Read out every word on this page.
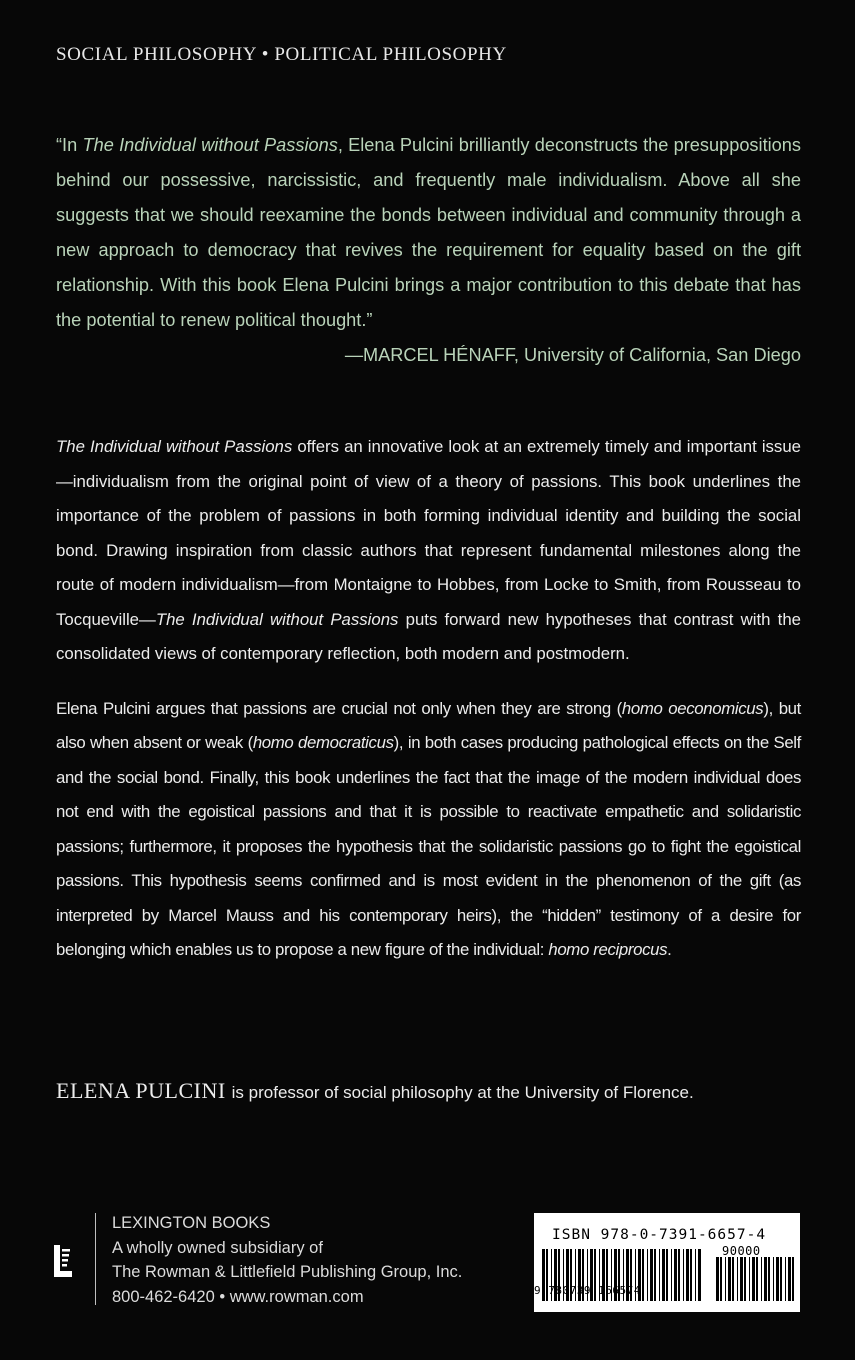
SOCIAL PHILOSOPHY • POLITICAL PHILOSOPHY

“In The Individual without Passions, Elena Pulcini brilliantly deconstructs the presuppositions behind our possessive, narcissistic, and frequently male individualism. Above all she suggests that we should reexamine the bonds between individual and community through a new approach to democracy that revives the requirement for equality based on the gift relationship. With this book Elena Pulcini brings a major contribution to this debate that has the potential to renew political thought.”

—MARCEL HÉNAFF, University of California, San Diego

The Individual without Passions offers an innovative look at an extremely timely and important issue—individualism from the original point of view of a theory of passions. This book underlines the importance of the problem of passions in both forming individual identity and building the social bond. Drawing inspiration from classic authors that represent fundamental milestones along the route of modern individualism—from Montaigne to Hobbes, from Locke to Smith, from Rousseau to Tocqueville—The Individual without Passions puts forward new hypotheses that contrast with the consolidated views of contemporary reflection, both modern and postmodern.

Elena Pulcini argues that passions are crucial not only when they are strong (homo oeconomicus), but also when absent or weak (homo democraticus), in both cases producing pathological effects on the Self and the social bond. Finally, this book underlines the fact that the image of the modern individual does not end with the egoistical passions and that it is possible to reactivate empathetic and solidaristic passions; furthermore, it proposes the hypothesis that the solidaristic passions go to fight the egoistical passions. This hypothesis seems confirmed and is most evident in the phenomenon of the gift (as interpreted by Marcel Mauss and his contemporary heirs), the “hidden” testimony of a desire for belonging which enables us to propose a new figure of the individual: homo reciprocus.

ELENA PULCINI is professor of social philosophy at the University of Florence.
LEXINGTON BOOKS
A wholly owned subsidiary of
The Rowman & Littlefield Publishing Group, Inc.
800-462-6420 • www.rowman.com
ISBN 978-0-7391-6657-4
90000
9 780739 166574
